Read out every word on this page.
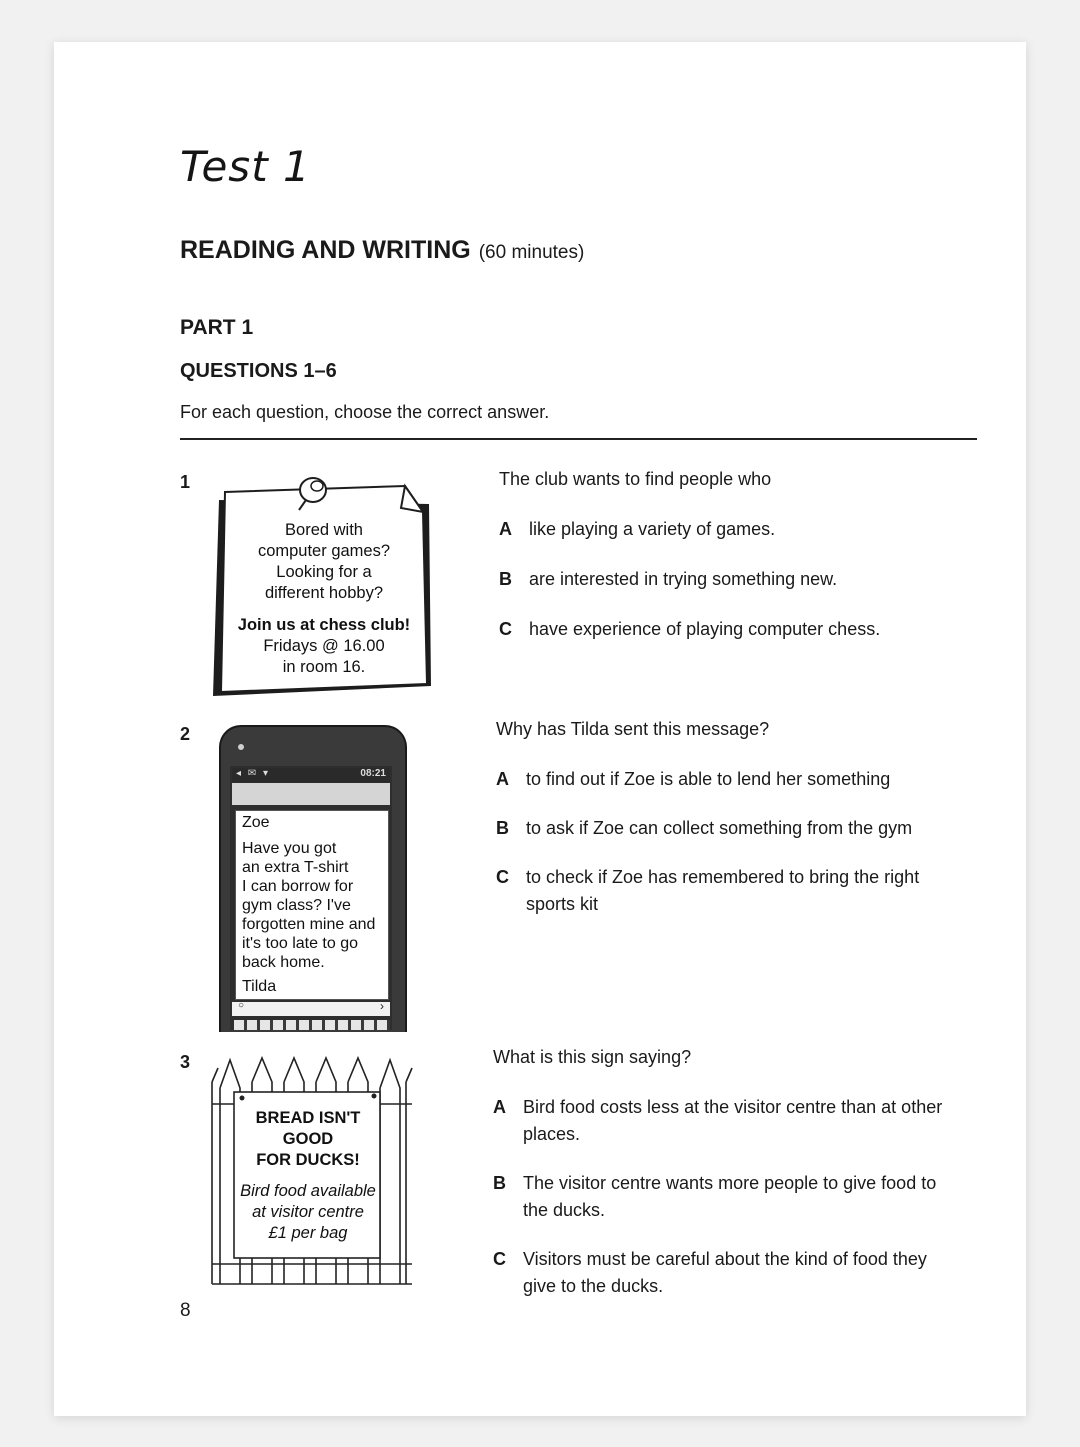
Test 1
READING AND WRITING (60 minutes)
PART 1
QUESTIONS 1–6
For each question, choose the correct answer.
1
Bored with
computer games?
Looking for a
different hobby?
Join us at chess club!
Fridays @ 16.00
in room 16.
The club wants to find people who
A like playing a variety of games.
B are interested in trying something new.
C have experience of playing computer chess.
2
◂ ✉ ▾	08:21
Zoe
Have you got
an extra T-shirt
I can borrow for
gym class? I've
forgotten mine and
it's too late to go
back home.
Tilda
○	›
Why has Tilda sent this message?
A to find out if Zoe is able to lend her something
B to ask if Zoe can collect something from the gym
C to check if Zoe has remembered to bring the right
sports kit
3
BREAD ISN'T
GOOD
FOR DUCKS!
Bird food available
at visitor centre
£1 per bag
What is this sign saying?
A Bird food costs less at the visitor centre than at other
places.
B The visitor centre wants more people to give food to
the ducks.
C Visitors must be careful about the kind of food they
give to the ducks.
8
